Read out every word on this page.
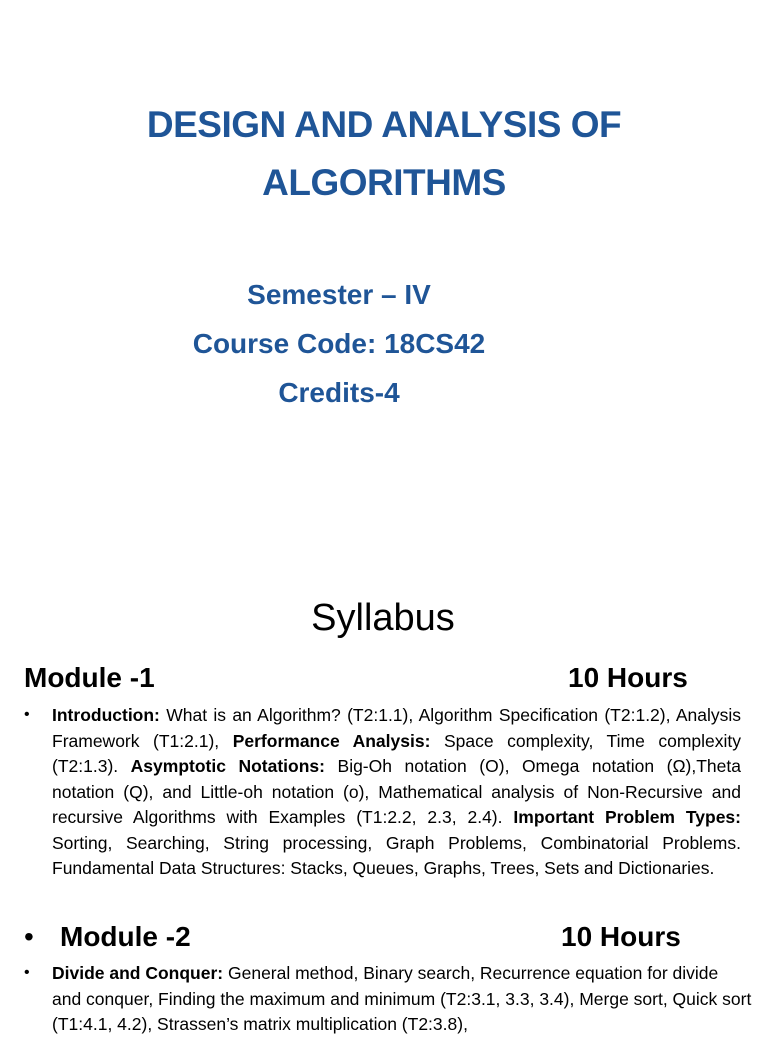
DESIGN AND ANALYSIS OF
ALGORITHMS
Semester – IV
Course Code: 18CS42
Credits-4
Syllabus
Module -1	10 Hours
• Introduction: What is an Algorithm? (T2:1.1), Algorithm Specification (T2:1.2), Analysis Framework (T1:2.1), Performance Analysis: Space complexity, Time complexity (T2:1.3). Asymptotic Notations: Big-Oh notation (O), Omega notation (Ω),Theta notation (Q), and Little-oh notation (o), Mathematical analysis of Non-Recursive and recursive Algorithms with Examples (T1:2.2, 2.3, 2.4). Important Problem Types: Sorting, Searching, String processing, Graph Problems, Combinatorial Problems. Fundamental Data Structures: Stacks, Queues, Graphs, Trees, Sets and Dictionaries.

• Module -2	10 Hours
• Divide and Conquer: General method, Binary search, Recurrence equation for divide and conquer, Finding the maximum and minimum (T2:3.1, 3.3, 3.4), Merge sort, Quick sort (T1:4.1, 4.2), Strassen’s matrix multiplication (T2:3.8),
